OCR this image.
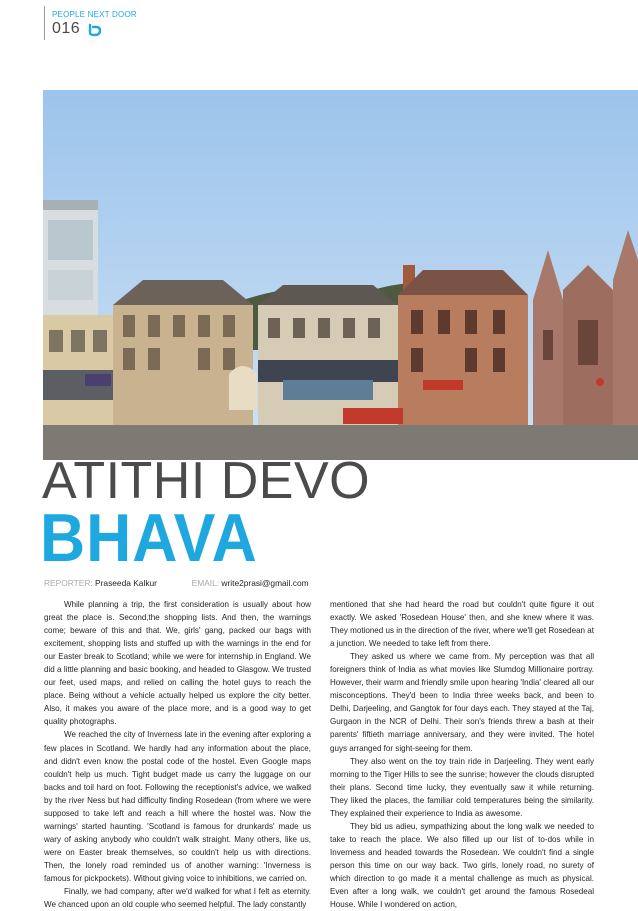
PEOPLE NEXT DOOR
016
ATITHI DEVO
BHAVA
REPORTER: Praseeda Kalkur	EMAIL: write2prasi@gmail.com

While planning a trip, the first consideration is usually about how great the place is. Second,the shopping lists. And then, the warnings come; beware of this and that. We, girls' gang, packed our bags with excitement, shopping lists and stuffed up with the warnings in the end for our Easter break to Scotland; while we were for internship in England. We did a little planning and basic booking, and headed to Glasgow. We trusted our feet, used maps, and relied on calling the hotel guys to reach the place. Being without a vehicle actually helped us explore the city better. Also, it makes you aware of the place more, and is a good way to get quality photographs.

We reached the city of Inverness late in the evening after exploring a few places in Scotland. We hardly had any information about the place, and didn't even know the postal code of the hostel. Even Google maps couldn't help us much. Tight budget made us carry the luggage on our backs and toil hard on foot. Following the receptionist's advice, we walked by the river Ness but had difficulty finding Rosedean (from where we were supposed to take left and reach a hill where the hostel was. Now the warnings' started haunting. 'Scotland is famous for drunkards' made us wary of asking anybody who couldn't walk straight. Many others, like us, were on Easter break themselves, so couldn't help us with directions. Then, the lonely road reminded us of another warning: 'Inverness is famous for pickpockets). Without giving voice to inhibitions, we carried on.

Finally, we had company, after we'd walked for what I felt as eternity. We chanced upon an old couple who seemed helpful. The lady constantly

mentioned that she had heard the road but couldn't quite figure it out exactly. We asked 'Rosedean House' then, and she knew where it was. They motioned us in the direction of the river, where we'll get Rosedean at a junction. We needed to take left from there.

They asked us where we came from. My perception was that all foreigners think of India as what movies like Slumdog Millionaire portray. However, their warm and friendly smile upon hearing 'India' cleared all our misconceptions. They'd been to India three weeks back, and been to Delhi, Darjeeling, and Gangtok for four days each. They stayed at the Taj, Gurgaon in the NCR of Delhi. Their son's friends threw a bash at their parents' fiftieth marriage anniversary, and they were invited. The hotel guys arranged for sight-seeing for them.

They also went on the toy train ride in Darjeeling. They went early morning to the Tiger Hills to see the sunrise; however the clouds disrupted their plans. Second time lucky, they eventually saw it while returning. They liked the places, the familiar cold temperatures being the similarity. They explained their experience to India as awesome.

They bid us adieu, sympathizing about the long walk we needed to take to reach the place. We also filled up our list of to-dos while in Inverness and headed towards the Rosedean. We couldn't find a single person this time on our way back. Two girls, lonely road, no surety of which direction to go made it a mental challenge as much as physical. Even after a long walk, we couldn't get around the famous Rosedeal House. While I wondered on action,
